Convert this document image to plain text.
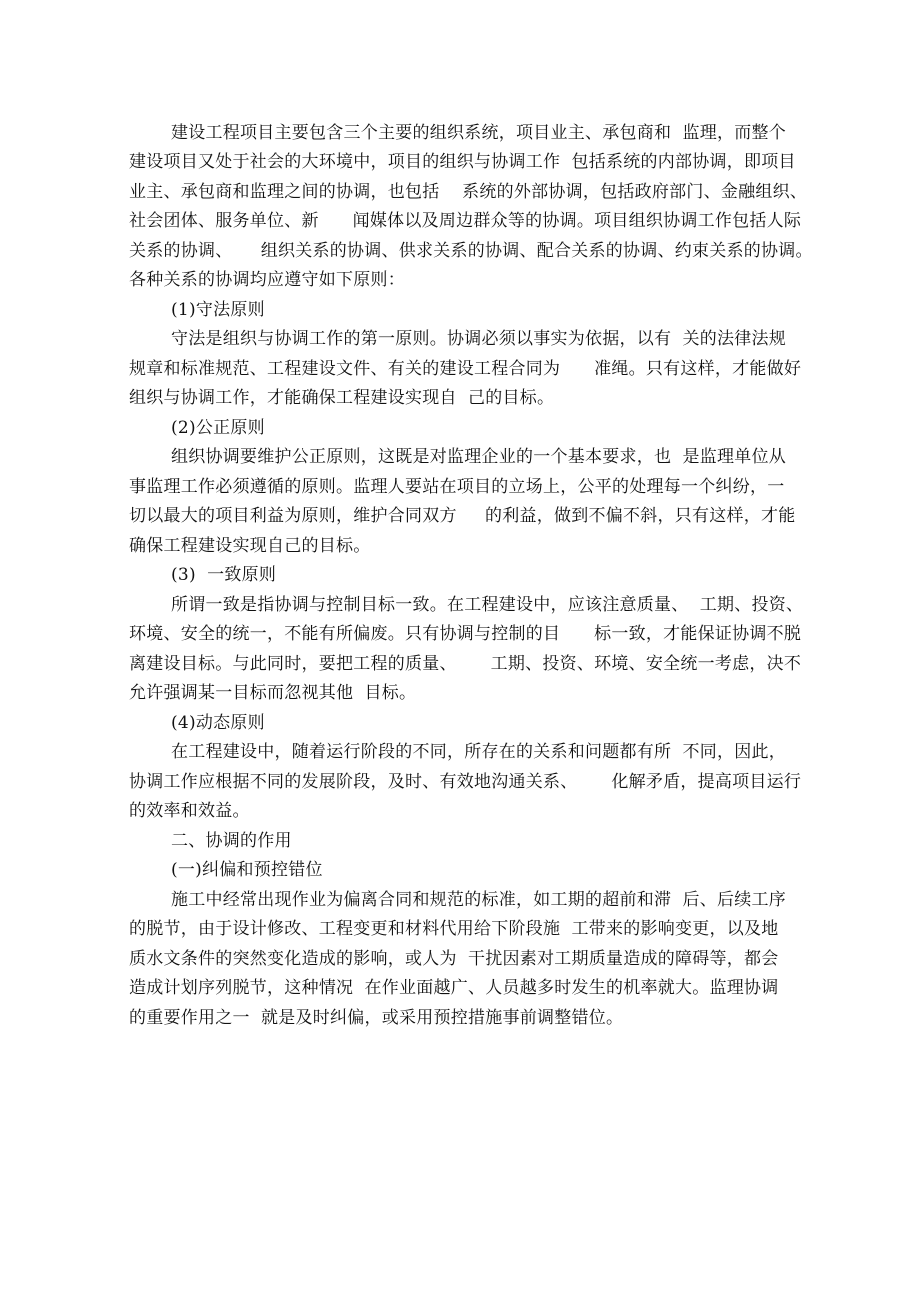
建设工程项目主要包含三个主要的组织系统，项目业主、承包商和  监理，而整个
建设项目又处于社会的大环境中，项目的组织与协调工作  包括系统的内部协调，即项目
业主、承包商和监理之间的协调，也包括    系统的外部协调，包括政府部门、金融组织、
社会团体、服务单位、新      闻媒体以及周边群众等的协调。项目组织协调工作包括人际
关系的协调、     组织关系的协调、供求关系的协调、配合关系的协调、约束关系的协调。
各种关系的协调均应遵守如下原则：
(1)守法原则
守法是组织与协调工作的第一原则。协调必须以事实为依据，以有  关的法律法规
规章和标准规范、工程建设文件、有关的建设工程合同为      准绳。只有这样，才能做好
组织与协调工作，才能确保工程建设实现自  己的目标。
(2)公正原则
组织协调要维护公正原则，这既是对监理企业的一个基本要求，也  是监理单位从
事监理工作必须遵循的原则。监理人要站在项目的立场上，公平的处理每一个纠纷，一
切以最大的项目利益为原则，维护合同双方     的利益，做到不偏不斜，只有这样，才能
确保工程建设实现自己的目标。
(3)  一致原则
所谓一致是指协调与控制目标一致。在工程建设中，应该注意质量、  工期、投资、
环境、安全的统一，不能有所偏废。只有协调与控制的目      标一致，才能保证协调不脱
离建设目标。与此同时，要把工程的质量、      工期、投资、环境、安全统一考虑，决不
允许强调某一目标而忽视其他  目标。
(4)动态原则
在工程建设中，随着运行阶段的不同，所存在的关系和问题都有所  不同，因此，
协调工作应根据不同的发展阶段，及时、有效地沟通关系、      化解矛盾，提高项目运行
的效率和效益。
二、协调的作用
(一)纠偏和预控错位
施工中经常出现作业为偏离合同和规范的标准，如工期的超前和滞  后、后续工序
的脱节，由于设计修改、工程变更和材料代用给下阶段施  工带来的影响变更，以及地
质水文条件的突然变化造成的影响，或人为  干扰因素对工期质量造成的障碍等，都会
造成计划序列脱节，这种情况  在作业面越广、人员越多时发生的机率就大。监理协调
的重要作用之一  就是及时纠偏，或采用预控措施事前调整错位。
